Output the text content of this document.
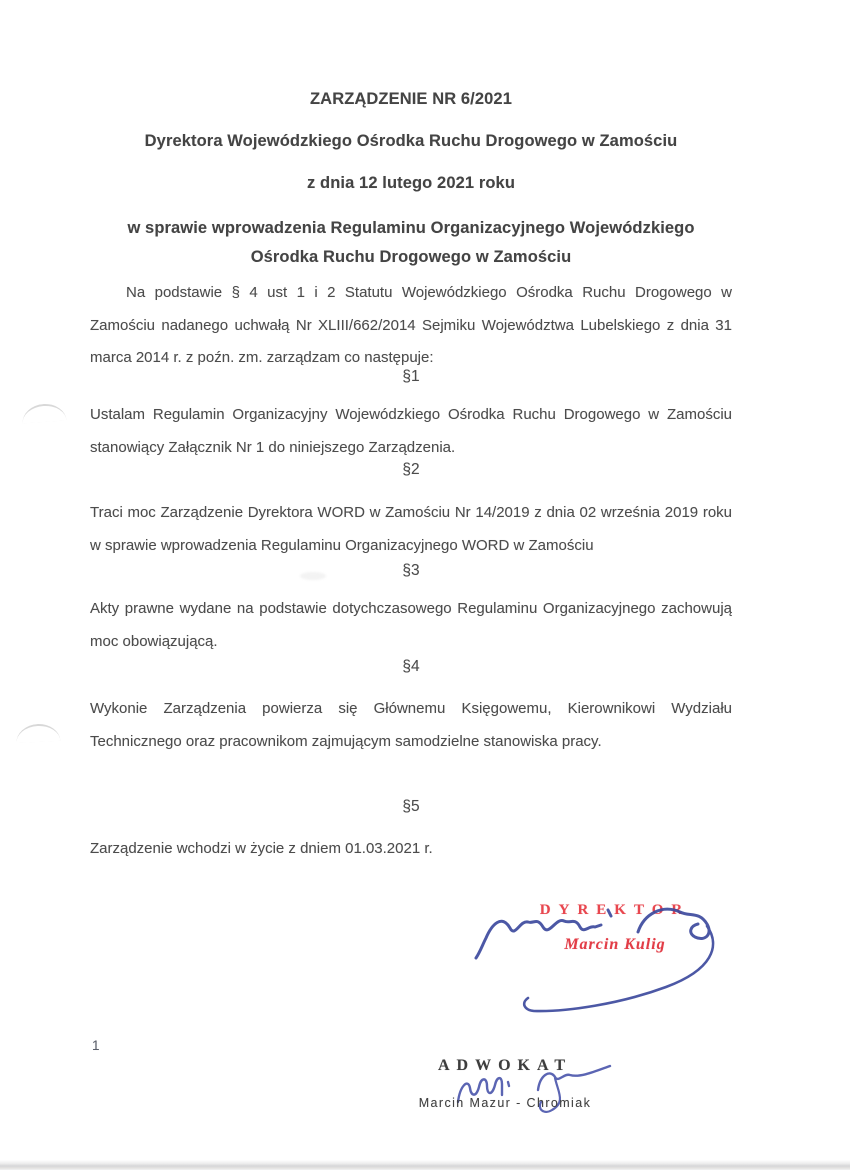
ZARZĄDZENIE NR 6/2021
Dyrektora Wojewódzkiego Ośrodka Ruchu Drogowego w Zamościu
z dnia 12 lutego 2021 roku
w sprawie wprowadzenia Regulaminu Organizacyjnego Wojewódzkiego Ośrodka Ruchu Drogowego w Zamościu
Na podstawie § 4 ust 1 i 2 Statutu Wojewódzkiego Ośrodka Ruchu Drogowego w Zamościu nadanego uchwałą Nr XLIII/662/2014 Sejmiku Województwa Lubelskiego z dnia 31 marca 2014 r. z poźn. zm. zarządzam co następuje:
§1
Ustalam Regulamin Organizacyjny Wojewódzkiego Ośrodka Ruchu Drogowego w Zamościu stanowiący Załącznik Nr 1 do niniejszego Zarządzenia.
§2
Traci moc Zarządzenie Dyrektora WORD w Zamościu Nr 14/2019 z dnia 02 września 2019 roku w sprawie wprowadzenia Regulaminu Organizacyjnego WORD w Zamościu
§3
Akty prawne wydane na podstawie dotychczasowego Regulaminu Organizacyjnego zachowują moc obowiązującą.
§4
Wykonie Zarządzenia powierza się Głównemu Księgowemu, Kierownikowi Wydziału Technicznego oraz pracownikom zajmującym samodzielne stanowiska pracy.
§5
Zarządzenie wchodzi w życie z dniem 01.03.2021 r.
DYREKTOR
Marcin Kulig
1
ADWOKAT
Marcin Mazur - Chromiak
